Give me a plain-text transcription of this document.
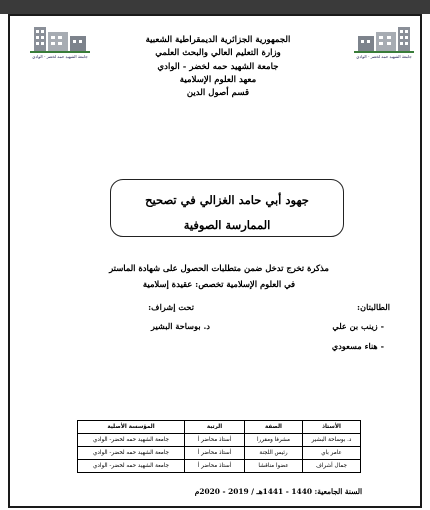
جامعة الشهيد حمه لخضر - الوادي	جامعة الشهيد حمه لخضر - الوادي
الجمهورية الجزائرية الديمقراطية الشعبية
وزارة التعليم العالي والبحث العلمي
جامعة الشهيد حمه لخضر - الوادي
معهد العلوم الإسلامية
قسم أصول الدين
جهود أبي حامد الغزالي في تصحيح
الممارسة الصوفية
مذكرة تخرج تدخل ضمن متطلبات الحصول على شهادة الماستر
في العلوم الإسلامية تخصص: عقيدة إسلامية
الطالبتان:
- زينب بن علي
- هناء مسعودي
تحت إشراف:
د. بوساحة البشير
الأستاذ	الصفة	الرتبة	المؤسسة الأصلية
د. بوساحة البشير	مشرفا ومقررا	أستاذ محاضر أ	جامعة الشهيد حمه لخضر- الوادي
عامر باي	رئيس اللجنة	أستاذ محاضر أ	جامعة الشهيد حمه لخضر- الوادي
جمال أشراف	عضوا مناقشا	أستاذ محاضر أ	جامعة الشهيد حمه لخضر- الوادي
السنة الجامعية: 1440 - 1441هـ / 2019 - 2020م
